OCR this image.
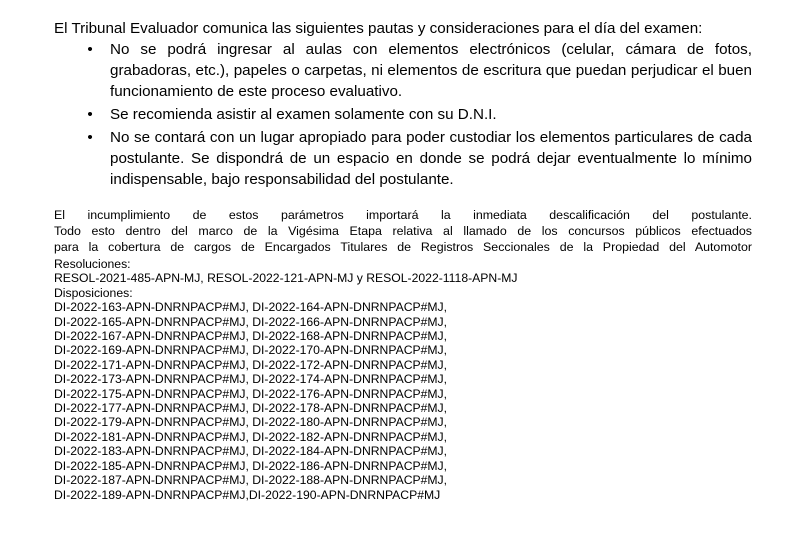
El Tribunal Evaluador comunica las siguientes pautas y consideraciones para el día del examen:

• No se podrá ingresar al aulas con elementos electrónicos (celular, cámara de fotos, grabadoras, etc.), papeles o carpetas, ni elementos de escritura que puedan perjudicar el buen funcionamiento de este proceso evaluativo.
• Se recomienda asistir al examen solamente con su D.N.I.
• No se contará con un lugar apropiado para poder custodiar los elementos particulares de cada postulante. Se dispondrá de un espacio en donde se podrá dejar eventualmente lo mínimo indispensable, bajo responsabilidad del postulante.
El incumplimiento de estos parámetros importará la inmediata descalificación del postulante.
Todo esto dentro del marco de la Vigésima Etapa relativa al llamado de los concursos públicos efectuados
para la cobertura de cargos de Encargados Titulares de Registros Seccionales de la Propiedad del Automotor
Resoluciones:
RESOL-2021-485-APN-MJ, RESOL-2022-121-APN-MJ y RESOL-2022-1118-APN-MJ
Disposiciones:
DI-2022-163-APN-DNRNPACP#MJ, DI-2022-164-APN-DNRNPACP#MJ,
DI-2022-165-APN-DNRNPACP#MJ, DI-2022-166-APN-DNRNPACP#MJ,
DI-2022-167-APN-DNRNPACP#MJ, DI-2022-168-APN-DNRNPACP#MJ,
DI-2022-169-APN-DNRNPACP#MJ, DI-2022-170-APN-DNRNPACP#MJ,
DI-2022-171-APN-DNRNPACP#MJ, DI-2022-172-APN-DNRNPACP#MJ,
DI-2022-173-APN-DNRNPACP#MJ, DI-2022-174-APN-DNRNPACP#MJ,
DI-2022-175-APN-DNRNPACP#MJ, DI-2022-176-APN-DNRNPACP#MJ,
DI-2022-177-APN-DNRNPACP#MJ, DI-2022-178-APN-DNRNPACP#MJ,
DI-2022-179-APN-DNRNPACP#MJ, DI-2022-180-APN-DNRNPACP#MJ,
DI-2022-181-APN-DNRNPACP#MJ, DI-2022-182-APN-DNRNPACP#MJ,
DI-2022-183-APN-DNRNPACP#MJ, DI-2022-184-APN-DNRNPACP#MJ,
DI-2022-185-APN-DNRNPACP#MJ, DI-2022-186-APN-DNRNPACP#MJ,
DI-2022-187-APN-DNRNPACP#MJ, DI-2022-188-APN-DNRNPACP#MJ,
DI-2022-189-APN-DNRNPACP#MJ,DI-2022-190-APN-DNRNPACP#MJ
